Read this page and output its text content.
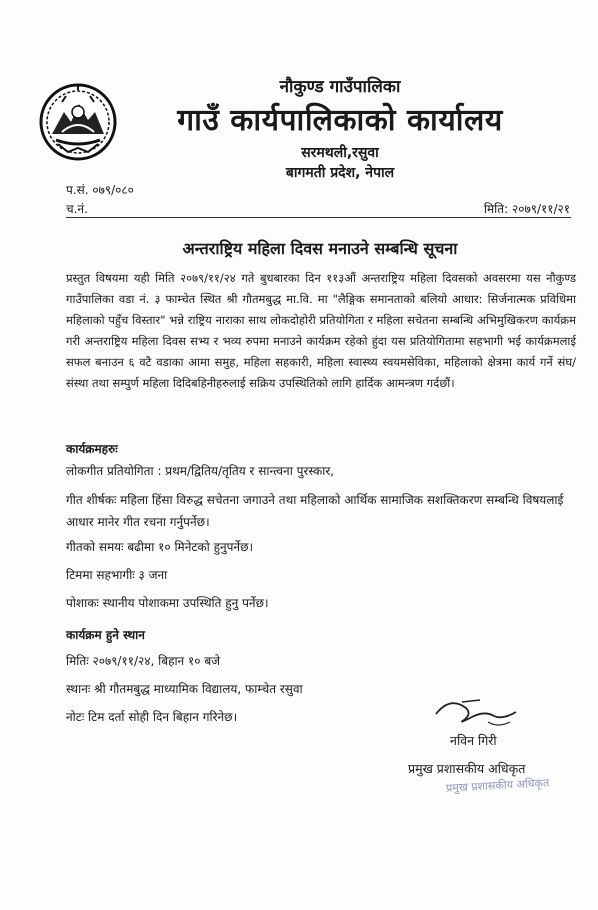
नौकुण्ड गाउँपालिका
गाउँ कार्यपालिकाको कार्यालय
सरमथली,रसुवा
बागमती प्रदेश, नेपाल
प.सं. ०७९/०८०
च.नं.	मिति: २०७९/११/२१
अन्तराष्ट्रिय महिला दिवस मनाउने सम्बन्धि सूचना
प्रस्तुत विषयमा यही मिति २०७९/११/२४ गते बुधबारका दिन ११३औं अन्तराष्ट्रिय महिला दिवसको अवसरमा यस नौकुण्ड गाउँपालिका वडा नं. ३ फाम्चेत स्थित श्री गौतमबुद्ध मा.वि. मा "लैङ्गिक समानताको बलियो आधार: सिर्जनात्मक प्रविधिमा महिलाको पहुँच विस्तार" भन्ने राष्ट्रिय नाराका साथ लोकदोहोरी प्रतियोगिता र महिला सचेतना सम्बन्धि अभिमुखिकरण कार्यक्रम गरी अन्तराष्ट्रिय महिला दिवस सभ्य र भव्य रुपमा मनाउने कार्यक्रम रहेको हुंदा यस प्रतियोगितामा सहभागी भई कार्यक्रमलाई सफल बनाउन ६ वटै वडाका आमा समुह, महिला सहकारी, महिला स्वास्थ्य स्वयमसेविका, महिलाको क्षेत्रमा कार्य गर्ने संघ/संस्था तथा सम्पुर्ण महिला दिदिबहिनीहरुलाई सक्रिय उपस्थितिको लागि हार्दिक आमन्त्रण गर्दछौं।
कार्यक्रमहरुः
लोकगीत प्रतियोगिता : प्रथम/द्वितिय/तृतिय र सान्त्वना पुरस्कार,
गीत शीर्षकः महिला हिंसा विरुद्ध सचेतना जगाउने तथा महिलाको आर्थिक सामाजिक सशक्तिकरण सम्बन्धि विषयलाई आधार मानेर गीत रचना गर्नुपर्नेछ।
गीतको समयः बढीमा १० मिनेटको हुनुपर्नेछ।
टिममा सहभागीः ३ जना
पोशाकः स्थानीय पोशाकमा उपस्थिति हुनु पर्नेछ।
कार्यक्रम हुने स्थान
मितिः २०७९/११/२४, बिहान १० बजे
स्थानः श्री गौतमबुद्ध माध्यामिक विद्यालय, फाम्चेत रसुवा
नोटः टिम दर्ता सोही दिन बिहान गरिनेछ।
नविन गिरी
प्रमुख प्रशासकीय अधिकृत
प्रमुख प्रशासकीय अधिकृत
